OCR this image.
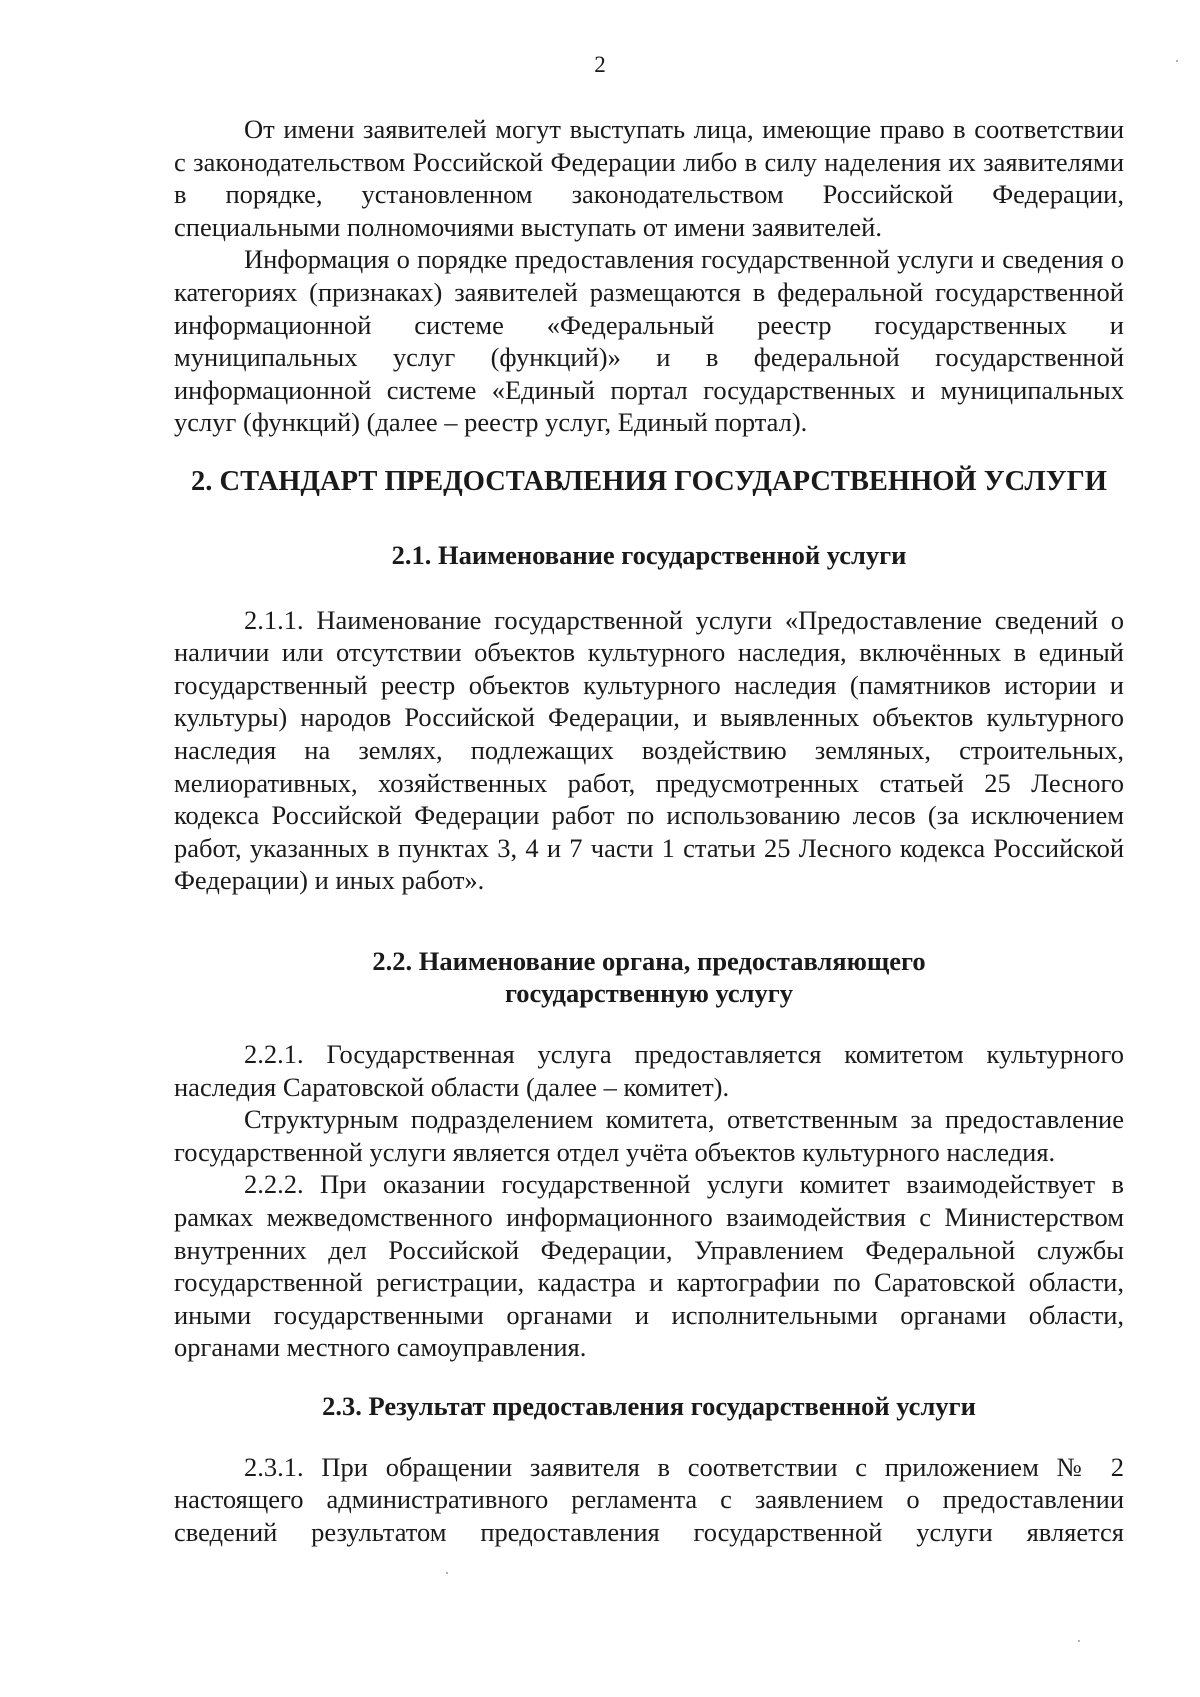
2

От имени заявителей могут выступать лица, имеющие право в соответствии с законодательством Российской Федерации либо в силу наделения их заявителями в порядке, установленном законодательством Российской Федерации, специальными полномочиями выступать от имени заявителей.

Информация о порядке предоставления государственной услуги и сведения о категориях (признаках) заявителей размещаются в федеральной государственной информационной системе «Федеральный реестр государственных и муниципальных услуг (функций)» и в федеральной государственной информационной системе «Единый портал государственных и муниципальных услуг (функций) (далее – реестр услуг, Единый портал).

2. СТАНДАРТ ПРЕДОСТАВЛЕНИЯ ГОСУДАРСТВЕННОЙ УСЛУГИ
2.1. Наименование государственной услуги

2.1.1. Наименование государственной услуги «Предоставление сведений о наличии или отсутствии объектов культурного наследия, включённых в единый государственный реестр объектов культурного наследия (памятников истории и культуры) народов Российской Федерации, и выявленных объектов культурного наследия на землях, подлежащих воздействию земляных, строительных, мелиоративных, хозяйственных работ, предусмотренных статьей 25 Лесного кодекса Российской Федерации работ по использованию лесов (за исключением работ, указанных в пунктах 3, 4 и 7 части 1 статьи 25 Лесного кодекса Российской Федерации) и иных работ».

2.2. Наименование органа, предоставляющего
государственную услугу

2.2.1. Государственная услуга предоставляется комитетом культурного наследия Саратовской области (далее – комитет).

Структурным подразделением комитета, ответственным за предоставление государственной услуги является отдел учёта объектов культурного наследия.

2.2.2. При оказании государственной услуги комитет взаимодействует в рамках межведомственного информационного взаимодействия с Министерством внутренних дел Российской Федерации, Управлением Федеральной службы государственной регистрации, кадастра и картографии по Саратовской области, иными государственными органами и исполнительными органами области, органами местного самоуправления.

2.3. Результат предоставления государственной услуги

2.3.1. При обращении заявителя в соответствии с приложением № 2 настоящего административного регламента с заявлением о предоставлении сведений результатом предоставления государственной услуги является
